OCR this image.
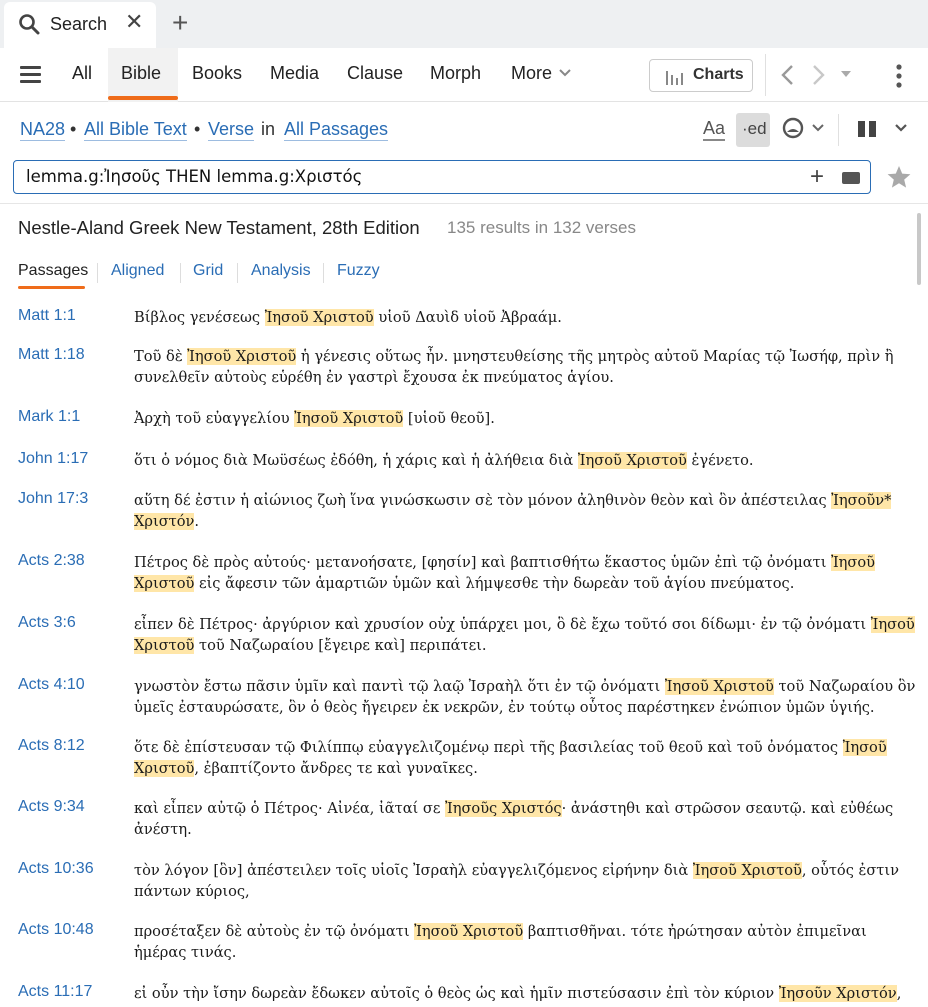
Search ✕ +
All Bible Books Media Clause Morph More	Charts
NA28 • All Bible Text • Verse in All Passages	Aa ·ed
lemma.g:Ἰησοῦς THEN lemma.g:Χριστός	+
Nestle-Aland Greek New Testament, 28th Edition 135 results in 132 verses
Passages Aligned Grid Analysis Fuzzy
Matt 1:1	Βίβλος γενέσεως Ἰησοῦ Χριστοῦ υἱοῦ Δαυὶδ υἱοῦ Ἀβραάμ.
Matt 1:18	Τοῦ δὲ Ἰησοῦ Χριστοῦ ἡ γένεσις οὕτως ἦν. μνηστευθείσης τῆς μητρὸς αὐτοῦ Μαρίας τῷ Ἰωσήφ, πρὶν ἢ
συνελθεῖν αὐτοὺς εὑρέθη ἐν γαστρὶ ἔχουσα ἐκ πνεύματος ἁγίου.
Mark 1:1	Ἀρχὴ τοῦ εὐαγγελίου Ἰησοῦ Χριστοῦ [υἱοῦ θεοῦ].
John 1:17	ὅτι ὁ νόμος διὰ Μωϋσέως ἐδόθη, ἡ χάρις καὶ ἡ ἀλήθεια διὰ Ἰησοῦ Χριστοῦ ἐγένετο.
John 17:3	αὕτη δέ ἐστιν ἡ αἰώνιος ζωὴ ἵνα γινώσκωσιν σὲ τὸν μόνον ἀληθινὸν θεὸν καὶ ὃν ἀπέστειλας Ἰησοῦν*
Χριστόν.
Acts 2:38	Πέτρος δὲ πρὸς αὐτούς· μετανοήσατε, [φησίν] καὶ βαπτισθήτω ἕκαστος ὑμῶν ἐπὶ τῷ ὀνόματι Ἰησοῦ
Χριστοῦ εἰς ἄφεσιν τῶν ἁμαρτιῶν ὑμῶν καὶ λήμψεσθε τὴν δωρεὰν τοῦ ἁγίου πνεύματος.
Acts 3:6	εἶπεν δὲ Πέτρος· ἀργύριον καὶ χρυσίον οὐχ ὑπάρχει μοι, ὃ δὲ ἔχω τοῦτό σοι δίδωμι· ἐν τῷ ὀνόματι Ἰησοῦ
Χριστοῦ τοῦ Ναζωραίου [ἔγειρε καὶ] περιπάτει.
Acts 4:10	γνωστὸν ἔστω πᾶσιν ὑμῖν καὶ παντὶ τῷ λαῷ Ἰσραὴλ ὅτι ἐν τῷ ὀνόματι Ἰησοῦ Χριστοῦ τοῦ Ναζωραίου ὃν
ὑμεῖς ἐσταυρώσατε, ὃν ὁ θεὸς ἤγειρεν ἐκ νεκρῶν, ἐν τούτῳ οὗτος παρέστηκεν ἐνώπιον ὑμῶν ὑγιής.
Acts 8:12	ὅτε δὲ ἐπίστευσαν τῷ Φιλίππῳ εὐαγγελιζομένῳ περὶ τῆς βασιλείας τοῦ θεοῦ καὶ τοῦ ὀνόματος Ἰησοῦ
Χριστοῦ, ἐβαπτίζοντο ἄνδρες τε καὶ γυναῖκες.
Acts 9:34	καὶ εἶπεν αὐτῷ ὁ Πέτρος· Αἰνέα, ἰᾶταί σε Ἰησοῦς Χριστός· ἀνάστηθι καὶ στρῶσον σεαυτῷ. καὶ εὐθέως
ἀνέστη.
Acts 10:36	τὸν λόγον [ὃν] ἀπέστειλεν τοῖς υἱοῖς Ἰσραὴλ εὐαγγελιζόμενος εἰρήνην διὰ Ἰησοῦ Χριστοῦ, οὗτός ἐστιν
πάντων κύριος,
Acts 10:48	προσέταξεν δὲ αὐτοὺς ἐν τῷ ὀνόματι Ἰησοῦ Χριστοῦ βαπτισθῆναι. τότε ἠρώτησαν αὐτὸν ἐπιμεῖναι
ἡμέρας τινάς.
Acts 11:17	εἰ οὖν τὴν ἴσην δωρεὰν ἔδωκεν αὐτοῖς ὁ θεὸς ὡς καὶ ἡμῖν πιστεύσασιν ἐπὶ τὸν κύριον Ἰησοῦν Χριστόν,
